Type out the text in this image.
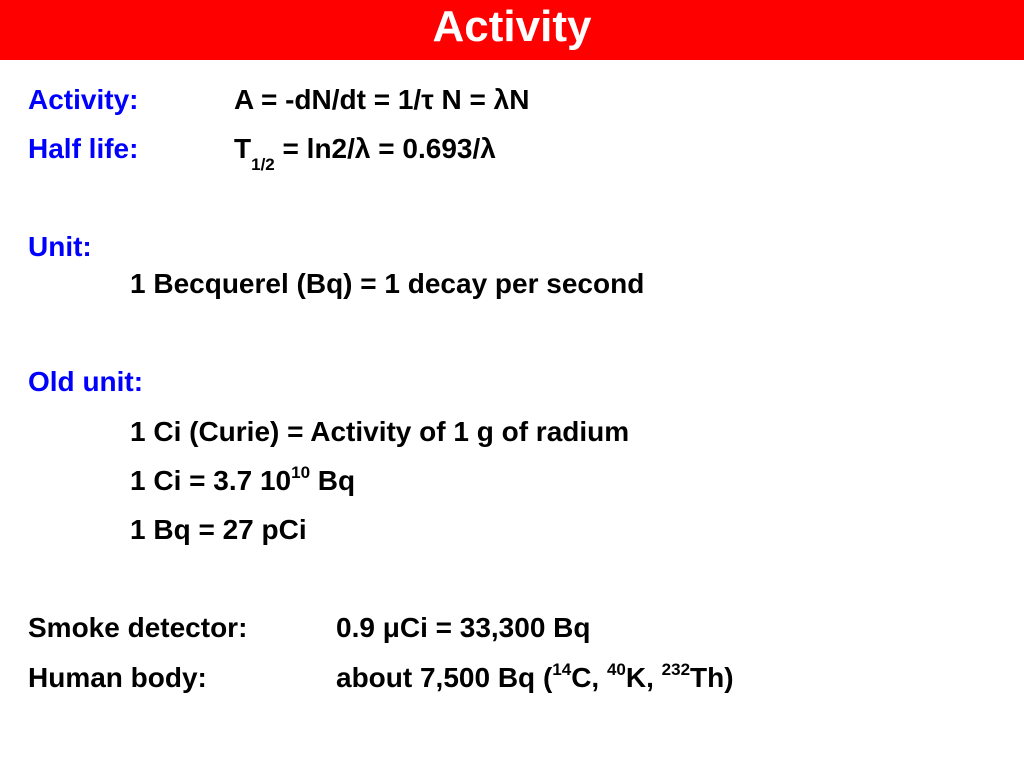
Activity
Activity:	A = -dN/dt = 1/τ N = λN
Half life:	$T_{1/2} = \ln 2/\lambda = 0.693/\lambda$
Unit:
1 Becquerel (Bq) = 1 decay per second
Old unit:
1 Ci (Curie) = Activity of 1 g of radium
1 Ci = 3.7 $10^{10}$ Bq
1 Bq = 27 pCi
Smoke detector:	0.9 μCi = 33,300 Bq
Human body:	about 7,500 Bq ($^{14}$C, $^{40}$K, $^{232}$Th)
